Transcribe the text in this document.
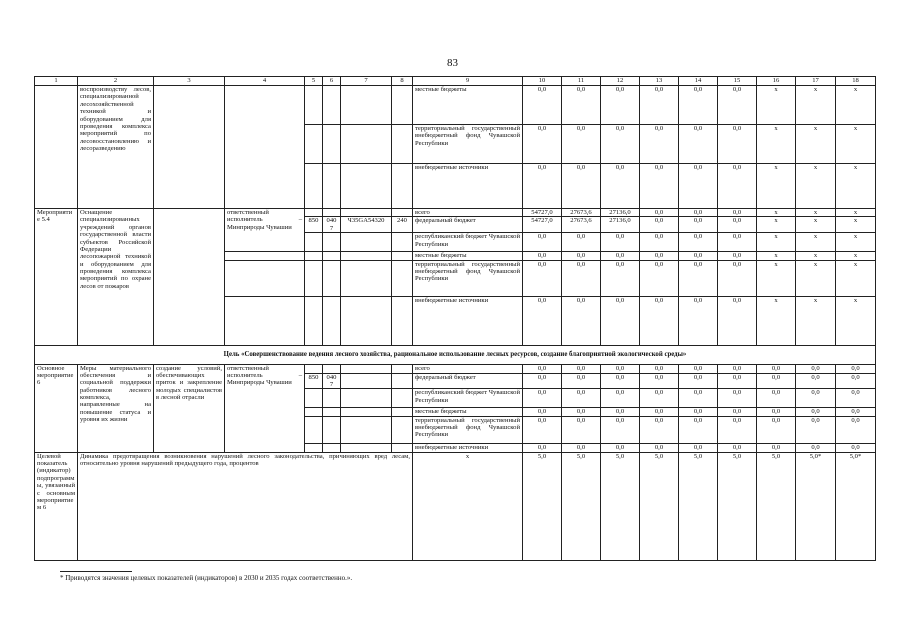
83
1	2	3	4	5	6	7	8	9	10	11	12	13	14	15	16	17	18
	воспроизводству лесов, специализированной лесохозяйственной техникой и оборудованием для проведения комплекса мероприятий по лесовосстановлению и лесоразведению							местные бюджеты	0,0	0,0	0,0	0,0	0,0	0,0	x	x	x
								территориальный государственный внебюджетный фонд Чувашской Республики	0,0	0,0	0,0	0,0	0,0	0,0	x	x	x
								внебюджетные источники	0,0	0,0	0,0	0,0	0,0	0,0	x	x	x
Мероприятие 5.4	Оснащение специализированных учреждений органов государственной власти субъектов Российской Федерации лесопожарной техникой и оборудованием для проведения комплекса мероприятий по охране лесов от пожаров		ответственный исполнитель – Минприроды Чувашии					всего	54727,0	27673,6	27136,0	0,0	0,0	0,0	x	x	x
				850	0407	Ч35GA54320	240	федеральный бюджет	54727,0	27673,6	27136,0	0,0	0,0	0,0	x	x	x
								республиканский бюджет Чувашской Республики	0,0	0,0	0,0	0,0	0,0	0,0	x	x	x
								местные бюджеты	0,0	0,0	0,0	0,0	0,0	0,0	x	x	x
								территориальный государственный внебюджетный фонд Чувашской Республики	0,0	0,0	0,0	0,0	0,0	0,0	x	x	x
								внебюджетные источники	0,0	0,0	0,0	0,0	0,0	0,0	x	x	x
Цель «Совершенствование ведения лесного хозяйства, рациональное использование лесных ресурсов, создание благоприятной экологической среды»																	
Основное мероприятие 6	Меры материального обеспечения и социальной поддержки работников лесного комплекса, направленные на повышение статуса и уровня их жизни	создание условий, обеспечивающих приток и закрепление молодых специалистов в лесной отрасли	ответственный исполнитель – Минприроды Чувашии					всего	0,0	0,0	0,0	0,0	0,0	0,0	0,0	0,0	0,0
				850	0407			федеральный бюджет	0,0	0,0	0,0	0,0	0,0	0,0	0,0	0,0	0,0
								республиканский бюджет Чувашской Республики	0,0	0,0	0,0	0,0	0,0	0,0	0,0	0,0	0,0
								местные бюджеты	0,0	0,0	0,0	0,0	0,0	0,0	0,0	0,0	0,0
								территориальный государственный внебюджетный фонд Чувашской Республики	0,0	0,0	0,0	0,0	0,0	0,0	0,0	0,0	0,0
								внебюджетные источники	0,0	0,0	0,0	0,0	0,0	0,0	0,0	0,0	0,0
Целевой показатель (индикатор) подпрограммы, увязанный с основным мероприятием 6	Динамика предотвращения возникновения нарушений лесного законодательства, причиняющих вред лесам, относительно уровня нарушений предыдущего года, процентов							x	5,0	5,0	5,0	5,0	5,0	5,0	5,0	5,0*	5,0*
* Приводятся значения целевых показателей (индикаторов) в 2030 и 2035 годах соответственно.».
